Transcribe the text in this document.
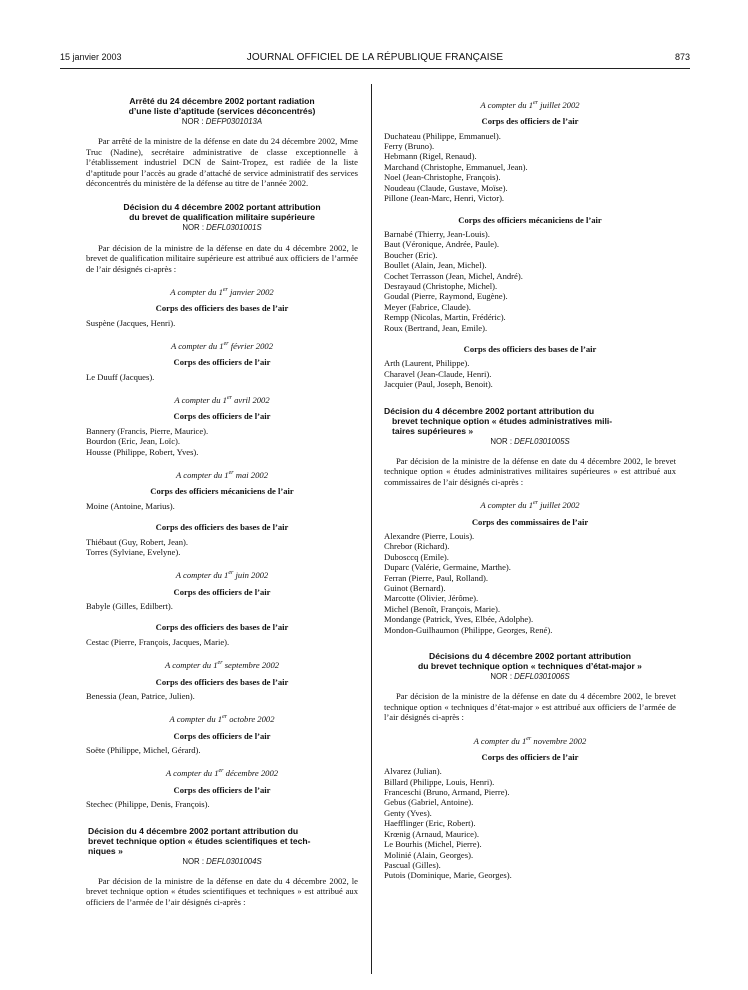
15 janvier 2003	JOURNAL OFFICIEL DE LA RÉPUBLIQUE FRANÇAISE	873
Arrêté du 24 décembre 2002 portant radiation
d’une liste d’aptitude (services déconcentrés)
NOR : DEFP0301013A
Par arrêté de la ministre de la défense en date du 24 décembre 2002, Mme Truc (Nadine), secrétaire administrative de classe exceptionnelle à l’établissement industriel DCN de Saint-Tropez, est radiée de la liste d’aptitude pour l’accès au grade d’attaché de service administratif des services déconcentrés du ministère de la défense au titre de l’année 2002.
Décision du 4 décembre 2002 portant attribution
du brevet de qualification militaire supérieure
NOR : DEFL0301001S
Par décision de la ministre de la défense en date du 4 décembre 2002, le brevet de qualification militaire supérieure est attribué aux officiers de l’armée de l’air désignés ci-après :
A compter du 1er janvier 2002
Corps des officiers des bases de l’air
Suspène (Jacques, Henri).
A compter du 1er février 2002
Corps des officiers de l’air
Le Duuff (Jacques).
A compter du 1er avril 2002
Corps des officiers de l’air
Bannery (Francis, Pierre, Maurice).
Bourdon (Eric, Jean, Loïc).
Housse (Philippe, Robert, Yves).
A compter du 1er mai 2002
Corps des officiers mécaniciens de l’air
Moine (Antoine, Marius).
Corps des officiers des bases de l’air
Thiébaut (Guy, Robert, Jean).
Torres (Sylviane, Evelyne).
A compter du 1er juin 2002
Corps des officiers de l’air
Babyle (Gilles, Edilbert).
Corps des officiers des bases de l’air
Cestac (Pierre, François, Jacques, Marie).
A compter du 1er septembre 2002
Corps des officiers des bases de l’air
Benessia (Jean, Patrice, Julien).
A compter du 1er octobre 2002
Corps des officiers de l’air
Soëte (Philippe, Michel, Gérard).
A compter du 1er décembre 2002
Corps des officiers de l’air
Stechec (Philippe, Denis, François).
Décision du 4 décembre 2002 portant attribution du
brevet technique option « études scientifiques et tech-
niques »
NOR : DEFL0301004S
Par décision de la ministre de la défense en date du 4 décembre 2002, le brevet technique option « études scientifiques et techniques » est attribué aux officiers de l’armée de l’air désignés ci-après :
A compter du 1er juillet 2002
Corps des officiers de l’air
Duchateau (Philippe, Emmanuel).
Ferry (Bruno).
Hebmann (Rigel, Renaud).
Marchand (Christophe, Emmanuel, Jean).
Noel (Jean-Christophe, François).
Noudeau (Claude, Gustave, Moïse).
Pillone (Jean-Marc, Henri, Victor).
Corps des officiers mécaniciens de l’air
Barnabé (Thierry, Jean-Louis).
Baut (Véronique, Andrée, Paule).
Boucher (Eric).
Boullet (Alain, Jean, Michel).
Cochet Terrasson (Jean, Michel, André).
Desrayaud (Christophe, Michel).
Goudal (Pierre, Raymond, Eugène).
Meyer (Fabrice, Claude).
Rempp (Nicolas, Martin, Frédéric).
Roux (Bertrand, Jean, Emile).
Corps des officiers des bases de l’air
Arth (Laurent, Philippe).
Charavel (Jean-Claude, Henri).
Jacquier (Paul, Joseph, Benoit).
Décision du 4 décembre 2002 portant attribution du
brevet technique option « études administratives mili-
taires supérieures »
NOR : DEFL0301005S
Par décision de la ministre de la défense en date du 4 décembre 2002, le brevet technique option « études administratives militaires supérieures » est attribué aux commissaires de l’air désignés ci-après :
A compter du 1er juillet 2002
Corps des commissaires de l’air
Alexandre (Pierre, Louis).
Chrebor (Richard).
Dubosccq (Emile).
Duparc (Valérie, Germaine, Marthe).
Ferran (Pierre, Paul, Rolland).
Guinot (Bernard).
Marcotte (Olivier, Jérôme).
Michel (Benoît, François, Marie).
Mondange (Patrick, Yves, Elbée, Adolphe).
Mondon-Guilhaumon (Philippe, Georges, René).
Décisions du 4 décembre 2002 portant attribution
du brevet technique option « techniques d’état-major »
NOR : DEFL0301006S
Par décision de la ministre de la défense en date du 4 décembre 2002, le brevet technique option « techniques d’état-major » est attribué aux officiers de l’armée de l’air désignés ci-après :
A compter du 1er novembre 2002
Corps des officiers de l’air
Alvarez (Julian).
Billard (Philippe, Louis, Henri).
Franceschi (Bruno, Armand, Pierre).
Gebus (Gabriel, Antoine).
Genty (Yves).
Haefflinger (Eric, Robert).
Krœnig (Arnaud, Maurice).
Le Bourhis (Michel, Pierre).
Molinié (Alain, Georges).
Pascual (Gilles).
Putois (Dominique, Marie, Georges).
